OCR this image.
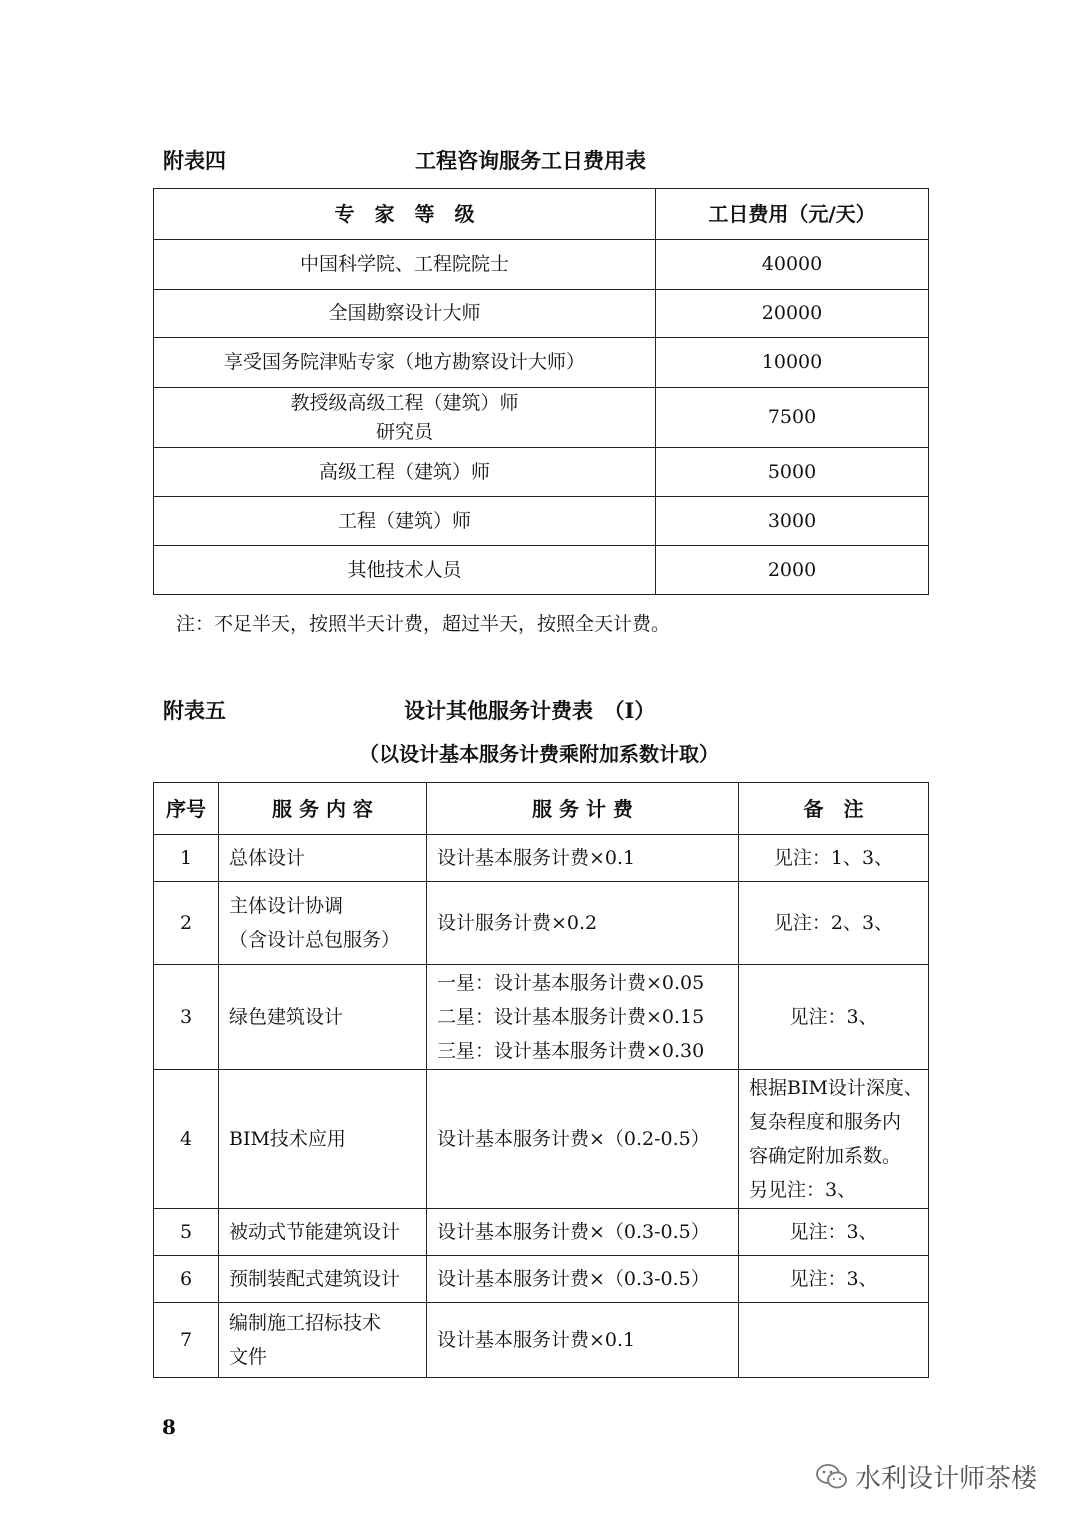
附表四	工程咨询服务工日费用表
专　家　等　级	工日费用（元/天）
中国科学院、工程院院士	40000
全国勘察设计大师	20000
享受国务院津贴专家（地方勘察设计大师）	10000

教授级高级工程（建筑）师
研究员	7500
高级工程（建筑）师	5000
工程（建筑）师	3000
其他技术人员	2000
注：不足半天，按照半天计费，超过半天，按照全天计费。
附表五	设计其他服务计费表　（Ⅰ）
（以设计基本服务计费乘附加系数计取）
序号	服 务 内 容	服 务 计 费	备　注
1	总体设计	设计基本服务计费×0.1	见注：1、3、
2	主体设计协调
（含设计总包服务）	设计服务计费×0.2	见注：2、3、
3	绿色建筑设计	一星：设计基本服务计费×0.05
二星：设计基本服务计费×0.15
三星：设计基本服务计费×0.30	见注：3、
4	BIM技术应用	设计基本服务计费×（0.2-0.5）	根据BIM设计深度、
复杂程度和服务内
容确定附加系数。
另见注：3、

5	被动式节能建筑设计	设计基本服务计费×（0.3-0.5）	见注：3、
6	预制装配式建筑设计	设计基本服务计费×（0.3-0.5）	见注：3、
7	编制施工招标技术
文件	设计基本服务计费×0.1	
8
水利设计师茶楼
